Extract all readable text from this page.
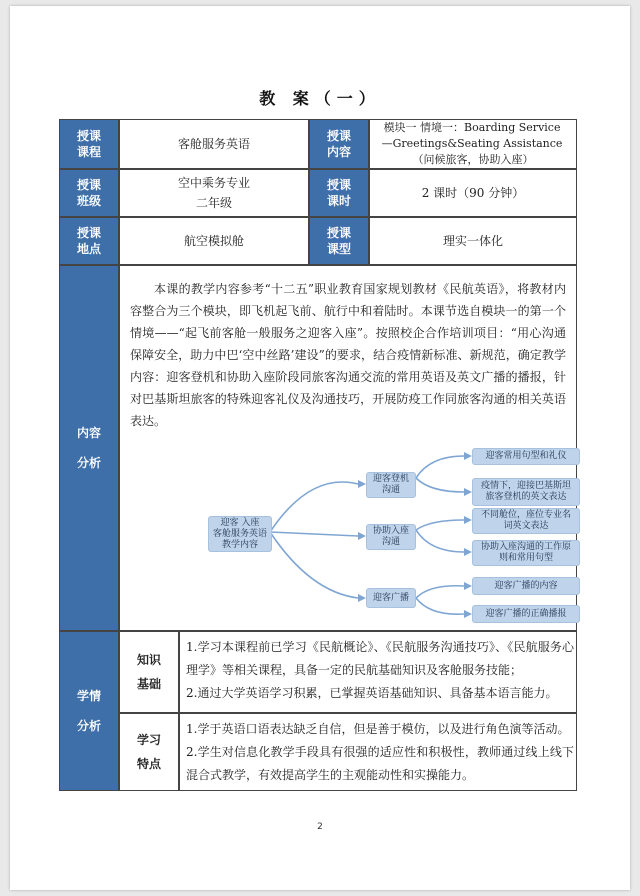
教 案（一）
授课
课程
客舱服务英语
授课
内容
模块一 情境一：Boarding Service
—Greetings&Seating Assistance
（问候旅客，协助入座）
授课
班级
空中乘务专业
二年级
授课
课时
2 课时（90 分钟）
授课
地点
航空模拟舱
授课
课型
理实一体化
内容
分析
本课的教学内容参考“十二五”职业教育国家规划教材《民航英语》，将教材内容整合为三个模块，即飞机起飞前、航行中和着陆时。本课节选自模块一的第一个情境——“起飞前客舱一般服务之迎客入座”。按照校企合作培训项目：“用心沟通 保障安全，助力中巴‘空中丝路’建设”的要求，结合疫情新标准、新规范，确定教学内容：迎客登机和协助入座阶段同旅客沟通交流的常用英语及英文广播的播报，针对巴基斯坦旅客的特殊迎客礼仪及沟通技巧，开展防疫工作同旅客沟通的相关英语表达。
迎客 入座
客舱服务英语
教学内容
迎客登机
沟通
协助入座
沟通
迎客广播
迎客常用句型和礼仪
疫情下，迎接巴基斯坦
旅客登机的英文表达
不同舱位，座位专业名
词英文表达
协助入座沟通的工作原
则和常用句型
迎客广播的内容
迎客广播的正确播报
学情
分析
知识
基础
1.学习本课程前已学习《民航概论》、《民航服务沟通技巧》、《民航服务心理学》等相关课程，具备一定的民航基础知识及客舱服务技能；
2.通过大学英语学习积累，已掌握英语基础知识、具备基本语言能力。
学习
特点
1.学于英语口语表达缺乏自信，但是善于模仿，以及进行角色演等活动。
2.学生对信息化教学手段具有很强的适应性和积极性，教师通过线上线下混合式教学，有效提高学生的主观能动性和实操能力。
2
